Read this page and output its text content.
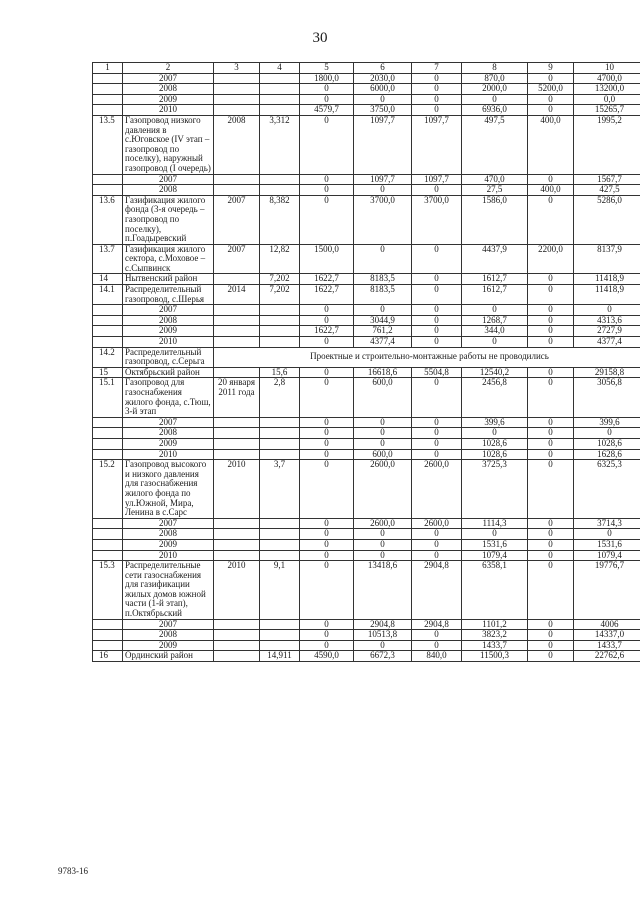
30
1	2	3	4	5	6	7	8	9	10
	2007			1800,0	2030,0	0	870,0	0	4700,0
	2008			0	6000,0	0	2000,0	5200,0	13200,0
	2009			0	0	0	0	0	0,0
	2010			4579,7	3750,0	0	6936,0	0	15265,7
13.5	Газопровод низкого давления в с.Юговское (IV этап – газопровод по поселку), наружный газопровод (I очередь)	2008	3,312	0	1097,7	1097,7	497,5	400,0	1995,2
	2007			0	1097,7	1097,7	470,0	0	1567,7
	2008			0	0	0	27,5	400,0	427,5
13.6	Газификация жилого фонда (3-я очередь – газопровод по поселку), п.Гоадыревский	2007	8,382	0	3700,0	3700,0	1586,0	0	5286,0
13.7	Газификация жилого сектора, с.Моховое – с.Сыпвинск	2007	12,82	1500,0	0	0	4437,9	2200,0	8137,9
14	Нытвенский район		7,202	1622,7	8183,5	0	1612,7	0	11418,9
14.1	Распределительный газопровод, с.Шерья	2014	7,202	1622,7	8183,5	0	1612,7	0	11418,9
	2007			0	0	0	0	0	0
	2008			0	3044,9	0	1268,7	0	4313,6
	2009			1622,7	761,2	0	344,0	0	2727,9
	2010			0	4377,4	0	0	0	4377,4
14.2	Распределительный газопровод, с.Серьга	Проектные и строительно-монтажные работы не проводились							
15	Октябрьский район		15,6	0	16618,6	5504,8	12540,2	0	29158,8
15.1	Газопровод для газоснабжения жилого фонда, с.Тюш, 3-й этап	20 января 2011 года	2,8	0	600,0	0	2456,8	0	3056,8
	2007			0	0	0	399,6	0	399,6
	2008			0	0	0	0	0	0
	2009			0	0	0	1028,6	0	1028,6
	2010			0	600,0	0	1028,6	0	1628,6
15.2	Газопровод высокого и низкого давления для газоснабжения жилого фонда по ул.Южной, Мира, Ленина в с.Сарс	2010	3,7	0	2600,0	2600,0	3725,3	0	6325,3
	2007			0	2600,0	2600,0	1114,3	0	3714,3
	2008			0	0	0	0	0	0
	2009			0	0	0	1531,6	0	1531,6
	2010			0	0	0	1079,4	0	1079,4
15.3	Распределительные сети газоснабжения для газификации жилых домов южной части (1-й этап), п.Октябрьский	2010	9,1	0	13418,6	2904,8	6358,1	0	19776,7
	2007			0	2904,8	2904,8	1101,2	0	4006
	2008			0	10513,8	0	3823,2	0	14337,0
	2009			0	0	0	1433,7	0	1433,7
16	Ординский район		14,911	4590,0	6672,3	840,0	11500,3	0	22762,6
9783-16
